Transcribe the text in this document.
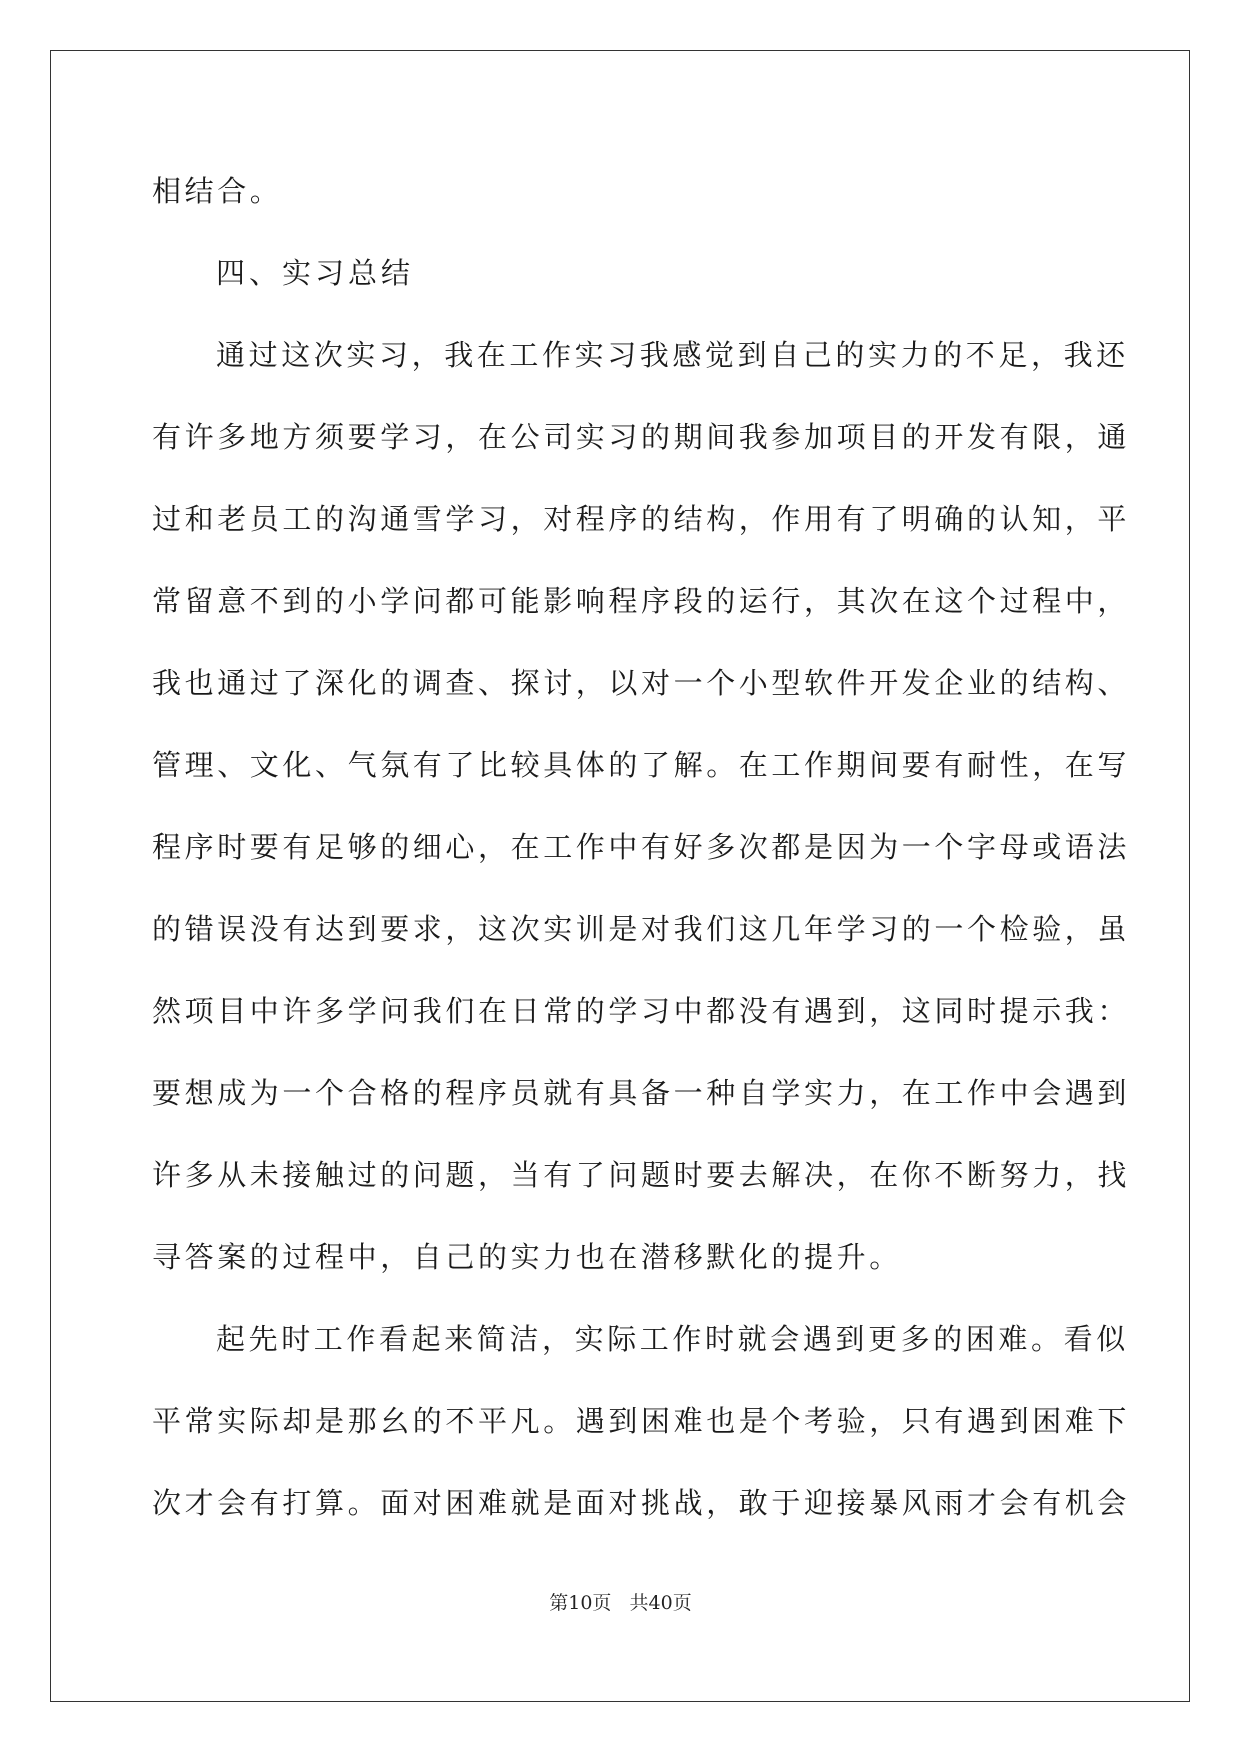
相结合。
四、实习总结
通过这次实习，我在工作实习我感觉到自己的实力的不足，我还
有许多地方须要学习，在公司实习的期间我参加项目的开发有限，通
过和老员工的沟通雪学习，对程序的结构，作用有了明确的认知，平
常留意不到的小学问都可能影响程序段的运行，其次在这个过程中，
我也通过了深化的调查、探讨，以对一个小型软件开发企业的结构、
管理、文化、气氛有了比较具体的了解。在工作期间要有耐性，在写
程序时要有足够的细心，在工作中有好多次都是因为一个字母或语法
的错误没有达到要求，这次实训是对我们这几年学习的一个检验，虽
然项目中许多学问我们在日常的学习中都没有遇到，这同时提示我：
要想成为一个合格的程序员就有具备一种自学实力，在工作中会遇到
许多从未接触过的问题，当有了问题时要去解决，在你不断努力，找
寻答案的过程中，自己的实力也在潜移默化的提升。
起先时工作看起来简洁，实际工作时就会遇到更多的困难。看似
平常实际却是那幺的不平凡。遇到困难也是个考验，只有遇到困难下
次才会有打算。面对困难就是面对挑战，敢于迎接暴风雨才会有机会
第10页   共40页
